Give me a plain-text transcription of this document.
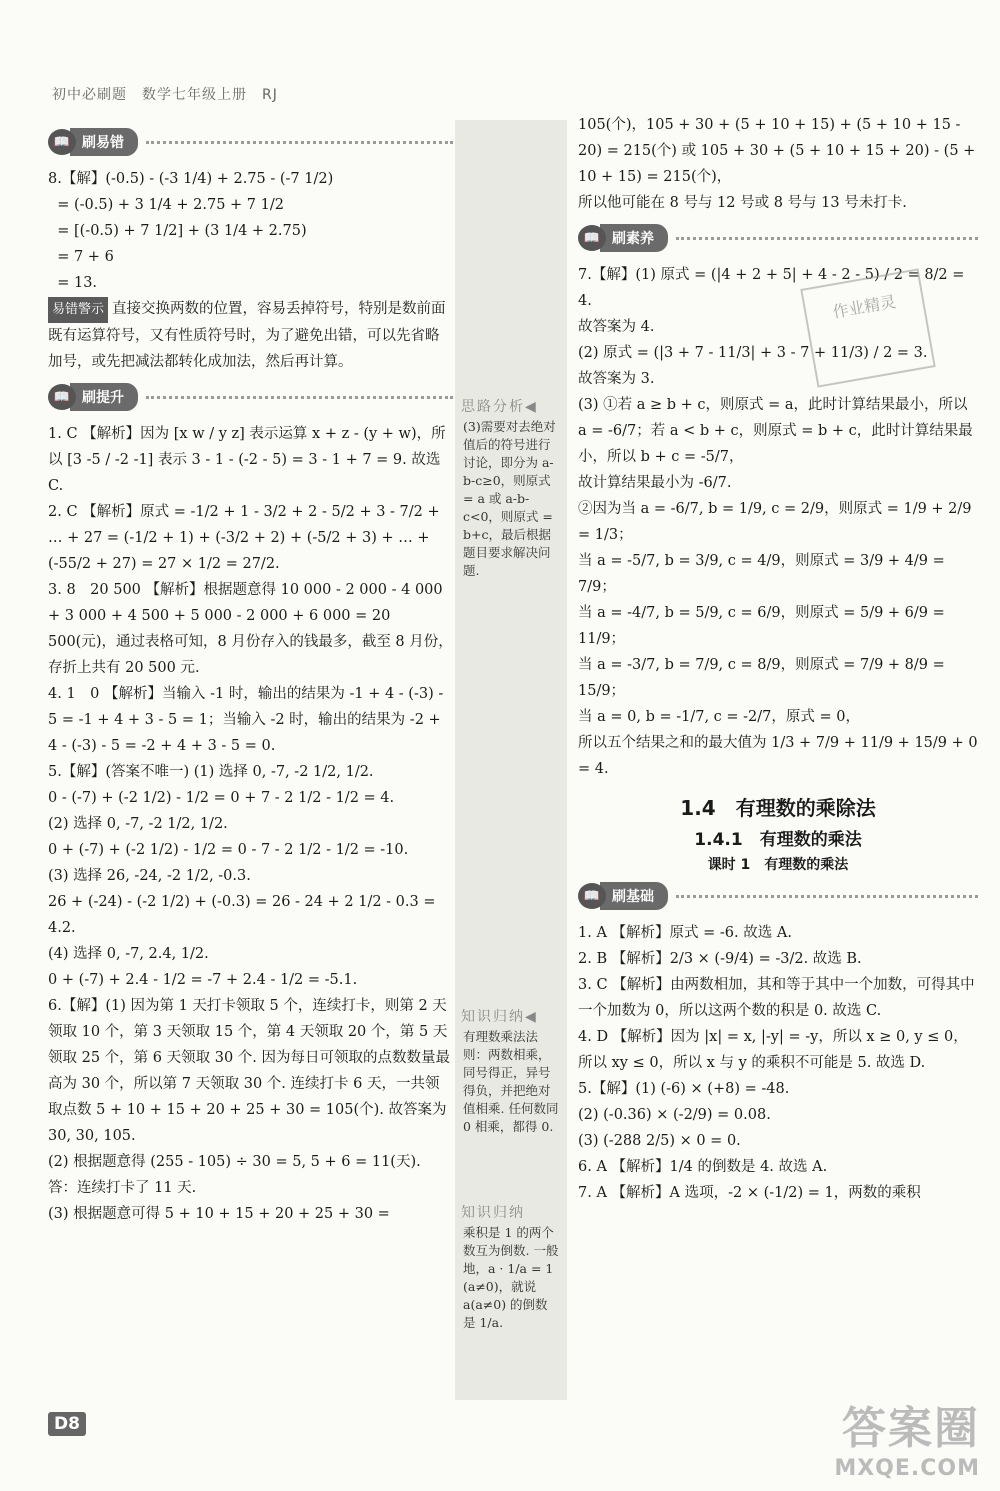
初中必刷题　数学七年级上册　RJ
📖 刷易错

8.【解】(-0.5) - (-3 1/4) + 2.75 - (-7 1/2)

= (-0.5) + 3 1/4 + 2.75 + 7 1/2

= [(-0.5) + 7 1/2] + (3 1/4 + 2.75)

= 7 + 6

= 13.

易错警示 直接交换两数的位置，容易丢掉符号，特别是数前面既有运算符号，又有性质符号时，为了避免出错，可以先省略加号，或先把减法都转化成加法，然后再计算。

📖 刷提升

1. C 【解析】因为 [x w / y z] 表示运算 x + z - (y + w)，所以 [3 -5 / -2 -1] 表示 3 - 1 - (-2 - 5) = 3 - 1 + 7 = 9. 故选 C.

2. C 【解析】原式 = -1/2 + 1 - 3/2 + 2 - 5/2 + 3 - 7/2 + … + 27 = (-1/2 + 1) + (-3/2 + 2) + (-5/2 + 3) + … + (-55/2 + 27) = 27 × 1/2 = 27/2.

3. 8　20 500 【解析】根据题意得 10 000 - 2 000 - 4 000 + 3 000 + 4 500 + 5 000 - 2 000 + 6 000 = 20 500(元)，通过表格可知，8 月份存入的钱最多，截至 8 月份，存折上共有 20 500 元.

4. 1　0 【解析】当输入 -1 时，输出的结果为 -1 + 4 - (-3) - 5 = -1 + 4 + 3 - 5 = 1；当输入 -2 时，输出的结果为 -2 + 4 - (-3) - 5 = -2 + 4 + 3 - 5 = 0.

5.【解】(答案不唯一) (1) 选择 0, -7, -2 1/2, 1/2.
0 - (-7) + (-2 1/2) - 1/2 = 0 + 7 - 2 1/2 - 1/2 = 4.
(2) 选择 0, -7, -2 1/2, 1/2.
0 + (-7) + (-2 1/2) - 1/2 = 0 - 7 - 2 1/2 - 1/2 = -10.
(3) 选择 26, -24, -2 1/2, -0.3.
26 + (-24) - (-2 1/2) + (-0.3) = 26 - 24 + 2 1/2 - 0.3 = 4.2.
(4) 选择 0, -7, 2.4, 1/2.
0 + (-7) + 2.4 - 1/2 = -7 + 2.4 - 1/2 = -5.1.

6.【解】(1) 因为第 1 天打卡领取 5 个，连续打卡，则第 2 天领取 10 个，第 3 天领取 15 个，第 4 天领取 20 个，第 5 天领取 25 个，第 6 天领取 30 个. 因为每日可领取的点数数量最高为 30 个，所以第 7 天领取 30 个. 连续打卡 6 天，一共领取点数 5 + 10 + 15 + 20 + 25 + 30 = 105(个). 故答案为 30, 30, 105.
(2) 根据题意得 (255 - 105) ÷ 30 = 5, 5 + 6 = 11(天). 答：连续打卡了 11 天.
(3) 根据题意可得 5 + 10 + 15 + 20 + 25 + 30 =

思路分析◀

(3)需要对去绝对值后的符号进行讨论，即分为 a-b-c≥0，则原式 = a 或 a-b-c<0，则原式 = b+c，最后根据题目要求解决问题.

知识归纳◀

有理数乘法法则：两数相乘，同号得正，异号得负，并把绝对值相乘. 任何数同 0 相乘，都得 0.

知识归纳

乘积是 1 的两个数互为倒数. 一般地，a · 1/a = 1 (a≠0)，就说 a(a≠0) 的倒数是 1/a.

105(个)，105 + 30 + (5 + 10 + 15) + (5 + 10 + 15 - 20) = 215(个) 或 105 + 30 + (5 + 10 + 15 + 20) - (5 + 10 + 15) = 215(个)，
所以他可能在 8 号与 12 号或 8 号与 13 号未打卡.

📖 刷素养

7.【解】(1) 原式 = (|4 + 2 + 5| + 4 - 2 - 5) / 2 = 8/2 = 4.
故答案为 4.
(2) 原式 = (|3 + 7 - 11/3| + 3 - 7 + 11/3) / 2 = 3.
故答案为 3.
(3) ①若 a ≥ b + c，则原式 = a，此时计算结果最小，所以 a = -6/7；若 a < b + c，则原式 = b + c，此时计算结果最小，所以 b + c = -5/7，
故计算结果最小为 -6/7.
②因为当 a = -6/7, b = 1/9, c = 2/9，则原式 = 1/9 + 2/9 = 1/3；
当 a = -5/7, b = 3/9, c = 4/9，则原式 = 3/9 + 4/9 = 7/9；
当 a = -4/7, b = 5/9, c = 6/9，则原式 = 5/9 + 6/9 = 11/9；
当 a = -3/7, b = 7/9, c = 8/9，则原式 = 7/9 + 8/9 = 15/9；
当 a = 0, b = -1/7, c = -2/7，原式 = 0，
所以五个结果之和的最大值为 1/3 + 7/9 + 11/9 + 15/9 + 0 = 4.

1.4　有理数的乘除法
1.4.1　有理数的乘法
课时 1　有理数的乘法
📖 刷基础

1. A 【解析】原式 = -6. 故选 A.

2. B 【解析】2/3 × (-9/4) = -3/2. 故选 B.

3. C 【解析】由两数相加，其和等于其中一个加数，可得其中一个加数为 0，所以这两个数的积是 0. 故选 C.

4. D 【解析】因为 |x| = x, |-y| = -y，所以 x ≥ 0, y ≤ 0，所以 xy ≤ 0，所以 x 与 y 的乘积不可能是 5. 故选 D.

5.【解】(1) (-6) × (+8) = -48.
(2) (-0.36) × (-2/9) = 0.08.
(3) (-288 2/5) × 0 = 0.

6. A 【解析】1/4 的倒数是 4. 故选 A.

7. A 【解析】A 选项，-2 × (-1/2) = 1，两数的乘积

作业精灵
D8	答案圈
MXQE.COM
